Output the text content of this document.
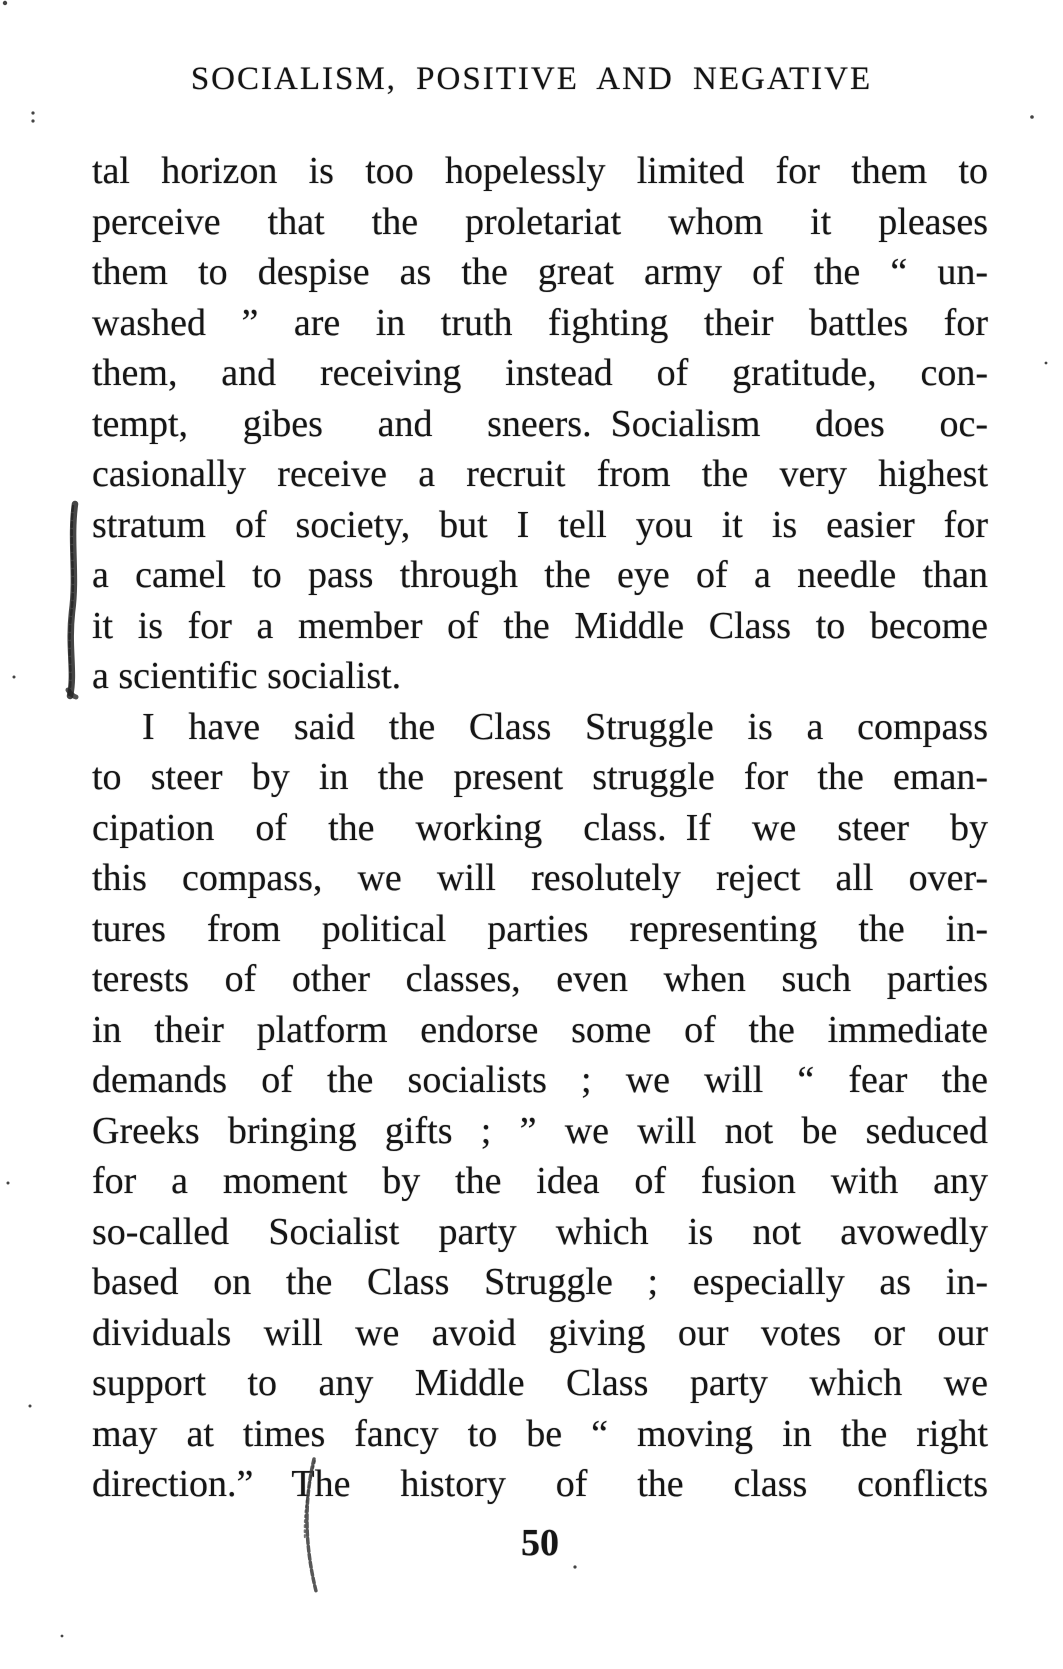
SOCIALISM, POSITIVE AND NEGATIVE
tal horizon is too hopelessly limited for them to
perceive that the proletariat whom it pleases
them to despise as the great army of the “ un-
washed ” are in truth fighting their battles for
them, and receiving instead of gratitude, con-
tempt, gibes and sneers. Socialism does oc-
casionally receive a recruit from the very highest
stratum of society, but I tell you it is easier for
a camel to pass through the eye of a needle than
it is for a member of the Middle Class to become
a scientific socialist.
I have said the Class Struggle is a compass
to steer by in the present struggle for the eman-
cipation of the working class. If we steer by
this compass, we will resolutely reject all over-
tures from political parties representing the in-
terests of other classes, even when such parties
in their platform endorse some of the immediate
demands of the socialists ; we will “ fear the
Greeks bringing gifts ; ” we will not be seduced
for a moment by the idea of fusion with any
so-called Socialist party which is not avowedly
based on the Class Struggle ; especially as in-
dividuals will we avoid giving our votes or our
support to any Middle Class party which we
may at times fancy to be “ moving in the right
direction.” The history of the class conflicts
50
